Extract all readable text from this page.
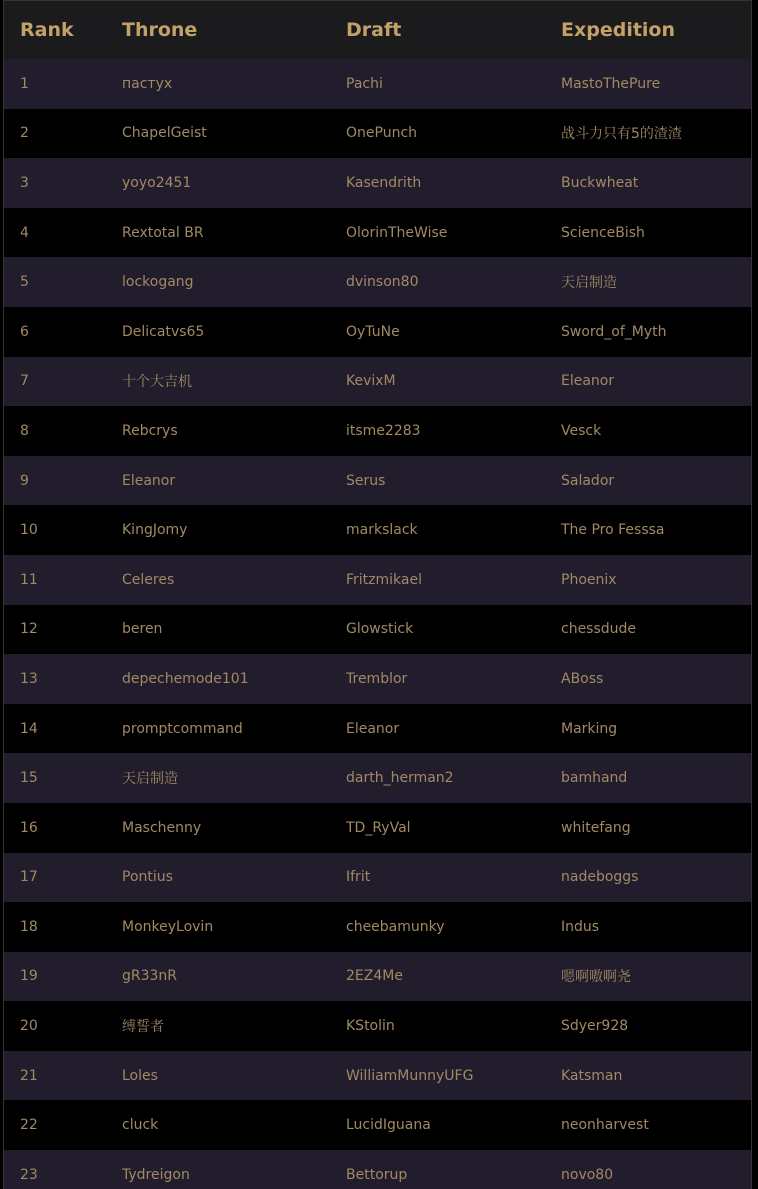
Rank	Throne	Draft	Expedition
1	пастух	Pachi	MastoThePure
2	ChapelGeist	OnePunch	战斗力只有5的渣渣
3	yoyo2451	Kasendrith	Buckwheat
4	Rextotal BR	OlorinTheWise	ScienceBish
5	lockogang	dvinson80	天启制造
6	Delicatvs65	OyTuNe	Sword_of_Myth
7	十个大吉机	KevixM	Eleanor
8	Rebcrys	itsme2283	Vesck
9	Eleanor	Serus	Salador
10	KingJomy	markslack	The Pro Fesssa
11	Celeres	Fritzmikael	Phoenix
12	beren	Glowstick	chessdude
13	depechemode101	Tremblor	ABoss
14	promptcommand	Eleanor	Marking
15	天启制造	darth_herman2	bamhand
16	Maschenny	TD_RyVal	whitefang
17	Pontius	Ifrit	nadeboggs
18	MonkeyLovin	cheebamunky	Indus
19	gR33nR	2EZ4Me	嗯啊嗷啊尧
20	缚誓者	KStolin	Sdyer928
21	Loles	WilliamMunnyUFG	Katsman
22	cluck	LucidIguana	neonharvest
23	Tydreigon	Bettorup	novo80
